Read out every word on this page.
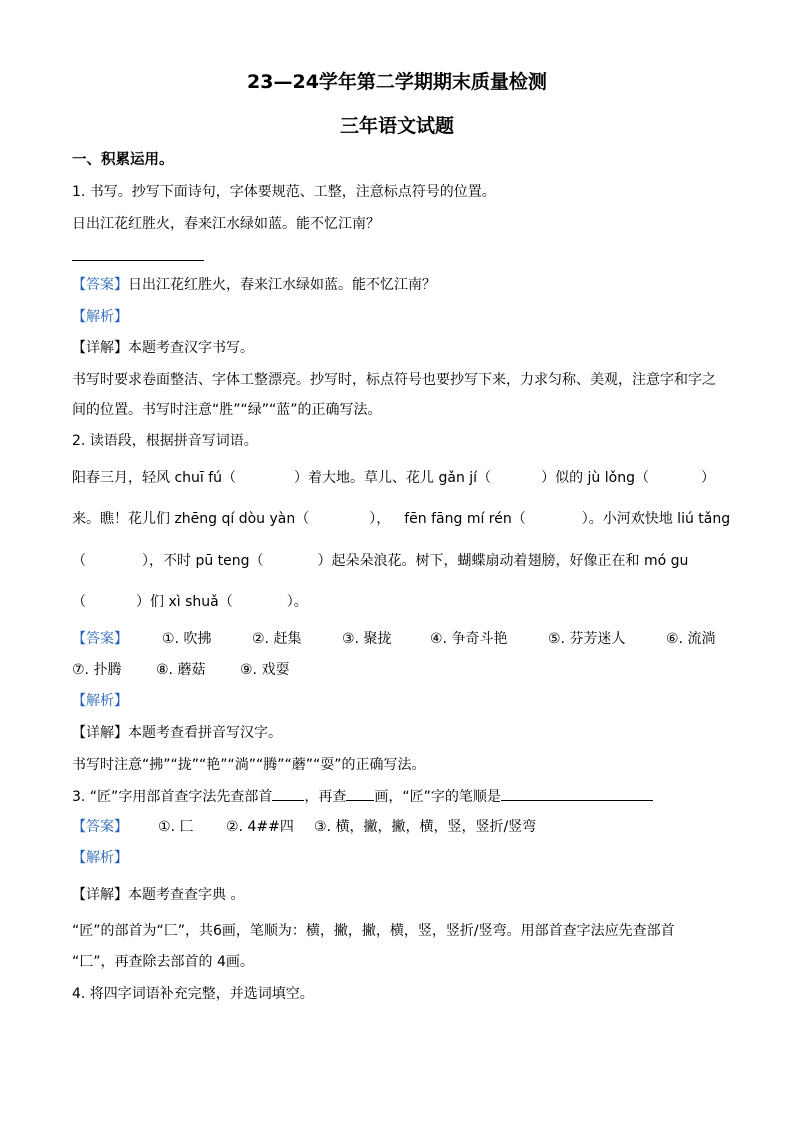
23—24学年第二学期期末质量检测
三年语文试题
一、积累运用。
1. 书写。抄写下面诗句，字体要规范、工整，注意标点符号的位置。
日出江花红胜火，春来江水绿如蓝。能不忆江南？
【答案】日出江花红胜火，春来江水绿如蓝。能不忆江南？
【解析】
【详解】本题考查汉字书写。
书写时要求卷面整洁、字体工整漂亮。抄写时，标点符号也要抄写下来，力求匀称、美观，注意字和字之
间的位置。书写时注意“胜”“绿”“蓝”的正确写法。
2. 读语段，根据拼音写词语。
阳春三月，轻风 chuī fú（	）着大地。草儿、花儿 gǎn jí（	）似的 jù lǒng（	）
来。瞧！花儿们 zhēng qí dòu yàn（	）， fēn fāng mí rén（	）。小河欢快地 liú tǎng
（	），不时 pū teng（	）起朵朵浪花。树下，蝴蝶扇动着翅膀，好像正在和 mó gu
（	）们 xì shuǎ（	）。
【答案】 ①. 吹拂	②. 赶集	③. 聚拢	④. 争奇斗艳	⑤. 芬芳迷人	⑥. 流淌
⑦. 扑腾 ⑧. 蘑菇 ⑨. 戏耍
【解析】
【详解】本题考查看拼音写汉字。
书写时注意“拂”“拢”“艳”“淌”“腾”“蘑”“耍”的正确写法。
3. “匠”字用部首查字法先查部首 ，再查 画，“匠”字的笔顺是
【答案】 ①. 匚 ②. 4##四 ③. 横，撇，撇，横，竖，竖折/竖弯
【解析】
【详解】本题考查查字典 。
“匠”的部首为“匚”，共6画，笔顺为：横，撇，撇，横，竖，竖折/竖弯。用部首查字法应先查部首
“匚”，再查除去部首的 4画。
4. 将四字词语补充完整，并选词填空。
